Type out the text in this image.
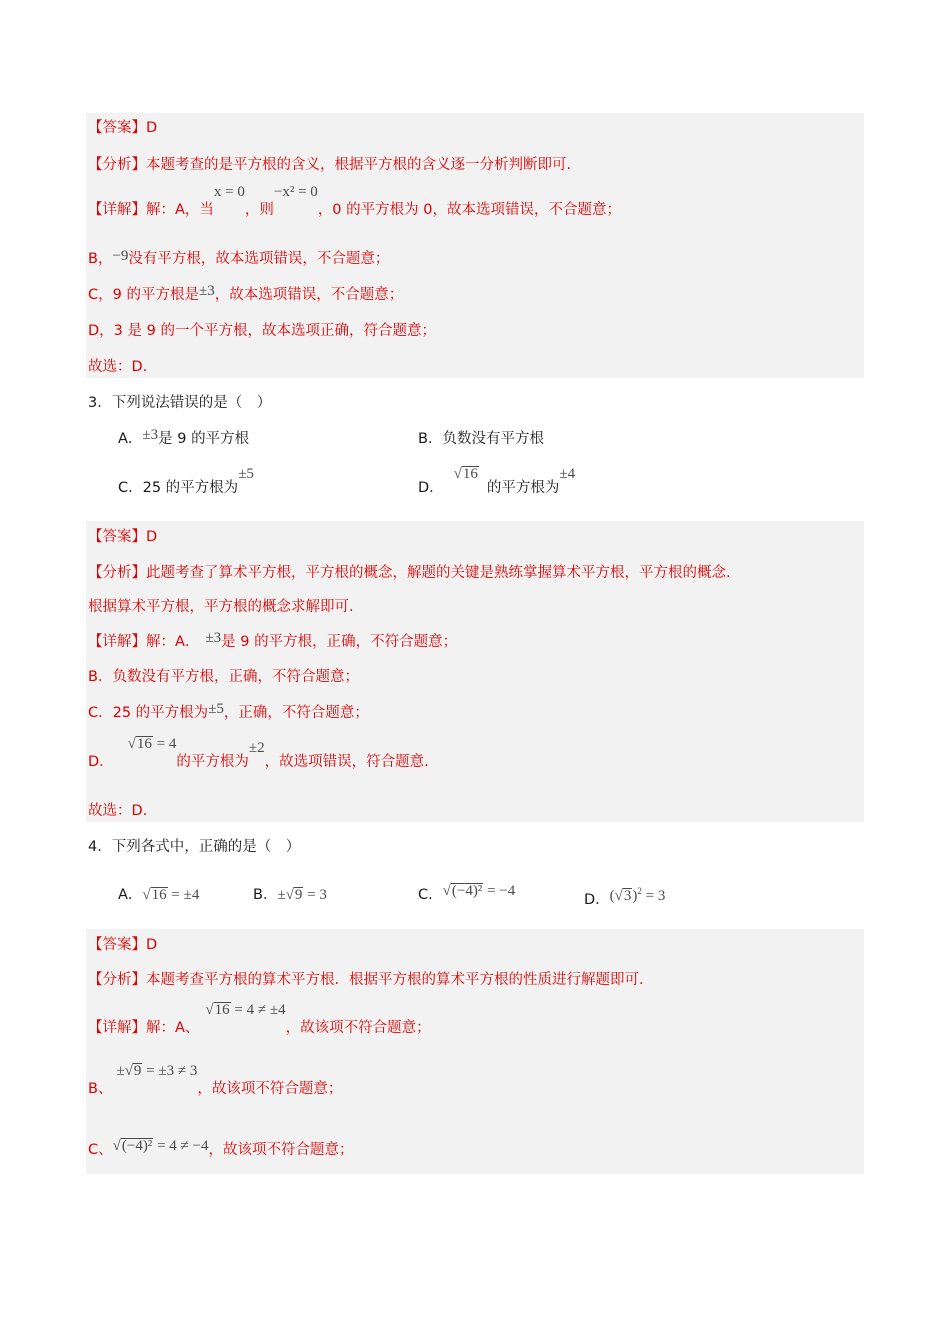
【答案】D
【分析】本题考查的是平方根的含义，根据平方根的含义逐一分析判断即可.
【详解】解：A，当x = 0，则−x² = 0，0 的平方根为 0，故本选项错误，不合题意；
B，−9没有平方根，故本选项错误，不合题意；
C，9 的平方根是±3，故本选项错误，不合题意；
D，3 是 9 的一个平方根，故本选项正确，符合题意；
故选：D.
3．下列说法错误的是（　）
A．±3是 9 的平方根	B．负数没有平方根
C．25 的平方根为±5
D．√16的平方根为±4
【答案】D
【分析】此题考查了算术平方根，平方根的概念，解题的关键是熟练掌握算术平方根，平方根的概念.
根据算术平方根，平方根的概念求解即可.
【详解】解：A． ±3是 9 的平方根，正确，不符合题意；
B．负数没有平方根，正确，不符合题意；
C．25 的平方根为±5，正确，不符合题意；
D．√16 = 4的平方根为±2，故选项错误，符合题意.
故选：D.
4．下列各式中，正确的是（　）
A．√16 = ±4	B．±√9 = 3	C．√(−4)² = −4
D．$(√3)^2 = 3$
【答案】D
【分析】本题考查平方根的算术平方根．根据平方根的算术平方根的性质进行解题即可.
【详解】解：A、√16 = 4 ≠ ±4，故该项不符合题意；
B、±√9 = ±3 ≠ 3，故该项不符合题意；
C、√(−4)² = 4 ≠ −4，故该项不符合题意；
